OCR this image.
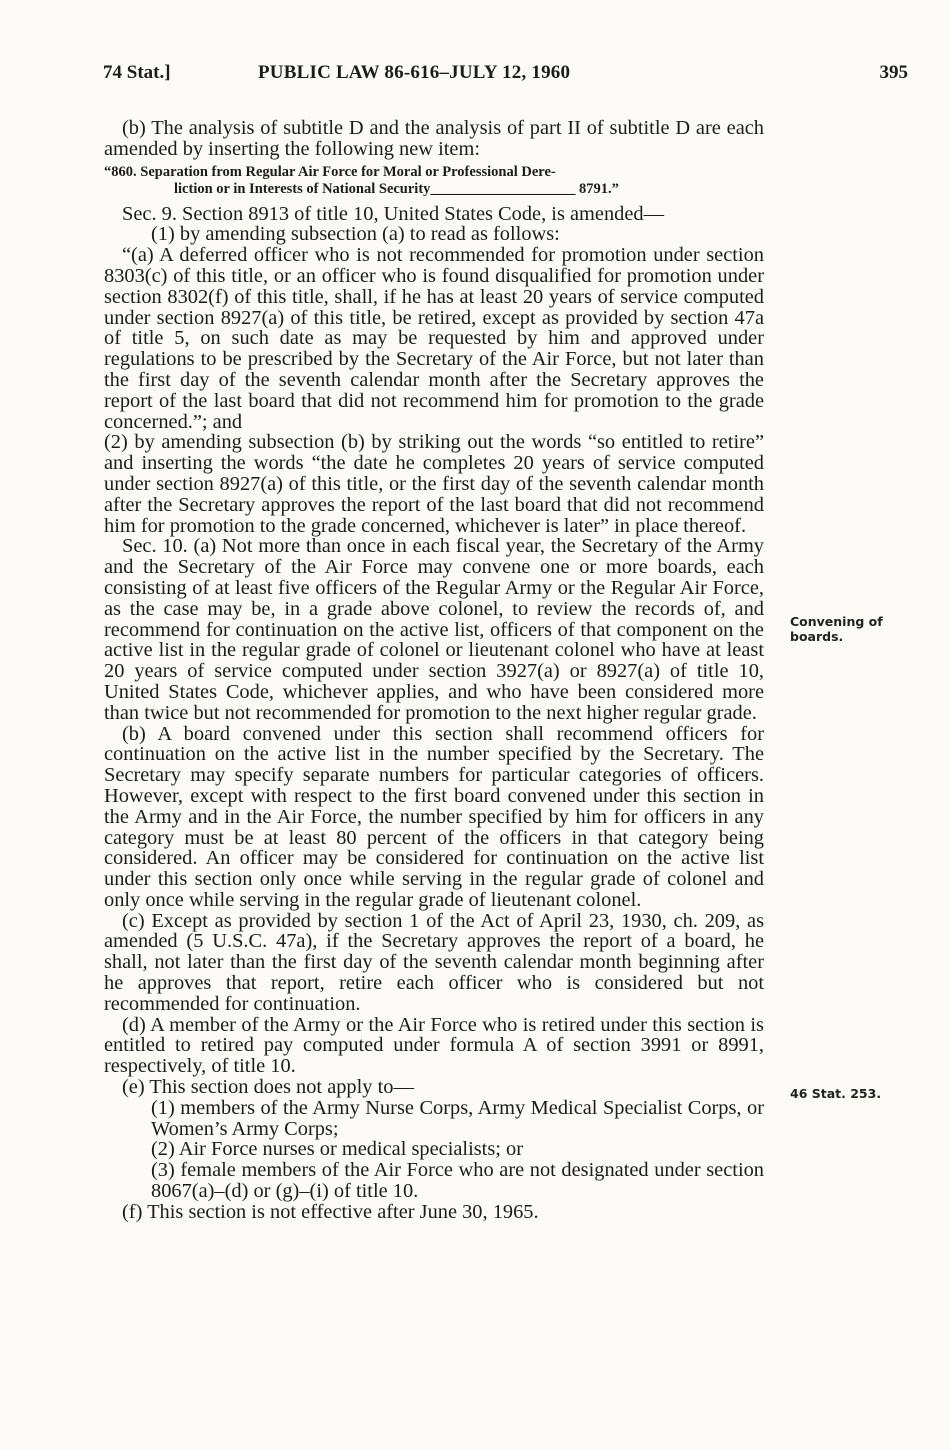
74 Stat.]	PUBLIC LAW 86-616–JULY 12, 1960	395

(b) The analysis of subtitle D and the analysis of part II of subtitle D are each amended by inserting the following new item:

“860. Separation from Regular Air Force for Moral or Professional Dere-
liction or in Interests of National Security____________________ 8791.”

Sec. 9. Section 8913 of title 10, United States Code, is amended—

(1) by amending subsection (a) to read as follows:

“(a) A deferred officer who is not recommended for promotion under section 8303(c) of this title, or an officer who is found disqualified for promotion under section 8302(f) of this title, shall, if he has at least 20 years of service computed under section 8927(a) of this title, be retired, except as provided by section 47a of title 5, on such date as may be requested by him and approved under regulations to be prescribed by the Secretary of the Air Force, but not later than the first day of the seventh calendar month after the Secretary approves the report of the last board that did not recommend him for promotion to the grade concerned.”; and

(2) by amending subsection (b) by striking out the words “so entitled to retire” and inserting the words “the date he completes 20 years of service computed under section 8927(a) of this title, or the first day of the seventh calendar month after the Secretary approves the report of the last board that did not recommend him for promotion to the grade concerned, whichever is later” in place thereof.

Sec. 10. (a) Not more than once in each fiscal year, the Secretary of the Army and the Secretary of the Air Force may convene one or more boards, each consisting of at least five officers of the Regular Army or the Regular Air Force, as the case may be, in a grade above colonel, to review the records of, and recommend for continuation on the active list, officers of that component on the active list in the regular grade of colonel or lieutenant colonel who have at least 20 years of service computed under section 3927(a) or 8927(a) of title 10, United States Code, whichever applies, and who have been considered more than twice but not recommended for promotion to the next higher regular grade.

(b) A board convened under this section shall recommend officers for continuation on the active list in the number specified by the Secretary. The Secretary may specify separate numbers for particular categories of officers. However, except with respect to the first board convened under this section in the Army and in the Air Force, the number specified by him for officers in any category must be at least 80 percent of the officers in that category being considered. An officer may be considered for continuation on the active list under this section only once while serving in the regular grade of colonel and only once while serving in the regular grade of lieutenant colonel.

(c) Except as provided by section 1 of the Act of April 23, 1930, ch. 209, as amended (5 U.S.C. 47a), if the Secretary approves the report of a board, he shall, not later than the first day of the seventh calendar month beginning after he approves that report, retire each officer who is considered but not recommended for continuation.

(d) A member of the Army or the Air Force who is retired under this section is entitled to retired pay computed under formula A of section 3991 or 8991, respectively, of title 10.

(e) This section does not apply to—

(1) members of the Army Nurse Corps, Army Medical Specialist Corps, or Women’s Army Corps;

(2) Air Force nurses or medical specialists; or

(3) female members of the Air Force who are not designated under section 8067(a)–(d) or (g)–(i) of title 10.

(f) This section is not effective after June 30, 1965.

Convening of boards.
46 Stat. 253.
